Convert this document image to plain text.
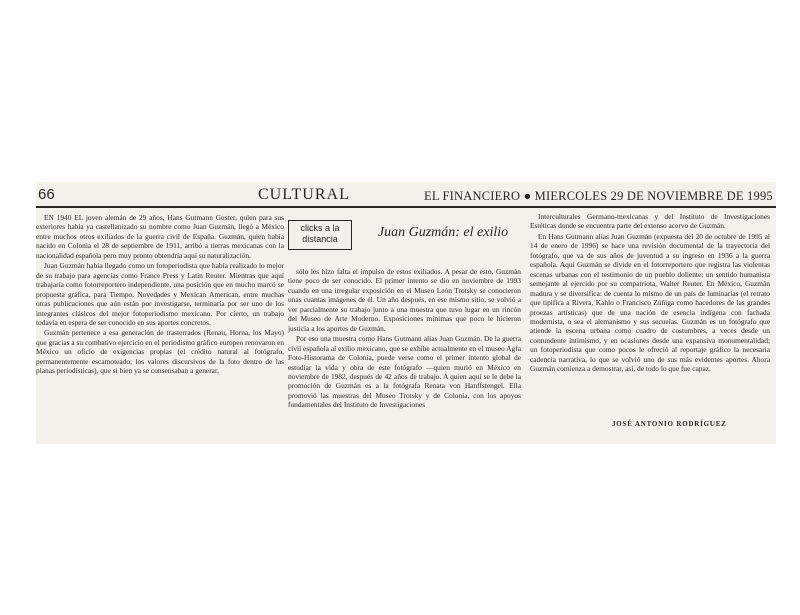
66	CULTURAL	EL FINANCIERO ● MIERCOLES 29 DE NOVIEMBRE DE 1995
clicks a la distancia	Juan Guzmán: el exilio

EN 1940 EL joven alemán de 29 años, Hans Gutmann Guster, quien para sus exteriores había ya castellanizado su nombre como Juan Guzmán, llegó a México entre muchos otros exiliados de la guerra civil de España. Guzmán, quien había nacido en Colonia el 28 de septiembre de 1911, arribó a tierras mexicanas con la nacionalidad española pero muy pronto obtendría aquí su naturalización.

Juan Guzmán había llegado como un fotoperiodista que había realizado lo mejor de su trabajo para agencias como France Press y Latin Reuter. Mientras que aquí trabajaría como fotorreportero independiente, una posición que en mucho marcó se propuesta gráfica, para Tiempo, Novedades y Mexican American, entre muchas otras publicaciones que aún están por investigarse, terminaría por ser uno de los integrantes clásicos del mejor fotoperiodismo mexicano. Por cierto, un trabajo todavía en espera de ser conocido en sus aportes concretos.

Guzmán pertenece a esa generación de trasterrados (Renau, Horna, los Mayo) que gracias a su combativo ejercicio en el periodismo gráfico europeo renovaron en México un oficio de exigencias propias (el crédito natural al fotógrafo, permanentemente escamoteado; los valores discursivos de la foto dentro de las planas periodísticas), que si bien ya se consensaban a generar,

sólo les hizo falta el impulso de estos exiliados. A pesar de esto, Guzmán tiene poco de ser conocido. El primer intento se dio en noviembre de 1993 cuando en una irregular exposición en el Museo León Trotsky se conocieron unas cuantas imágenes de él. Un año después, en ese mismo sitio, se volvió a ver parcialmente su trabajo junto a una muestra que tuvo lugar en un rincón del Museo de Arte Moderno. Exposiciones mínimas que poco le hicieron justicia a los aportes de Guzmán.

Por eso una muestra como Hans Gutmann alias Juan Guzmán. De la guerra civil española al exilio mexicano, que se exhibe actualmente en el museo Agfa Foto-Historama de Colonia, puede verse como el primer intento global de estudiar la vida y obra de este fotógrafo —quien murió en México en noviembre de 1982, después de 42 años de trabajo. A quien aquí se le debe la promoción de Guzmán es a la fotógrafa Renata von Hanffstengel. Ella promovió las muestras del Museo Trotsky y de Colonia, con los apoyos fundamentales del Instituto de Investigaciones

Interculturales Germano-mexicanas y del Instituto de Investigaciones Estéticas donde se encuentra parte del extenso acervo de Guzmán.

En Hans Gutmann alias Juan Guzmán (expuesta del 20 de octubre de 1995 al 14 de enero de 1996) se hace una revisión documental de la trayectoria del fotógrafo, que va de sus años de juventud a su ingreso en 1936 a la guerra española. Aquí Guzmán se divide en el fotorreportero que registra las violentas escenas urbanas con el testimonio de un pueblo doliente; un sentido humanista semejante al ejercido por su compatriota, Walter Reuter. En México, Guzmán madura y se diversifica: de cuenta lo mismo de un país de luminarias (el retrato que tipifica a Rivera, Kahlo o Francisco Zúñiga como hacedores de las grandes proezas artísticas) que de una nación de esencia indígena con fachada modernista, o sea el alemanismo y sus secuelas. Guzmán es un fotógrafo que atiende la escena urbana como cuadro de costumbres, a veces desde un contundente intimismo, y en ocasiones desde una expansiva monumentalidad; un fotoperiodista que como pocos le ofreció al reportaje gráfico la necesaria cadencia narrativa, lo que se volvió uno de sus más evidentes aportes. Ahora Guzmán comienza a demostrar, así, de todo lo que fue capaz.

JOSÉ ANTONIO RODRÍGUEZ
